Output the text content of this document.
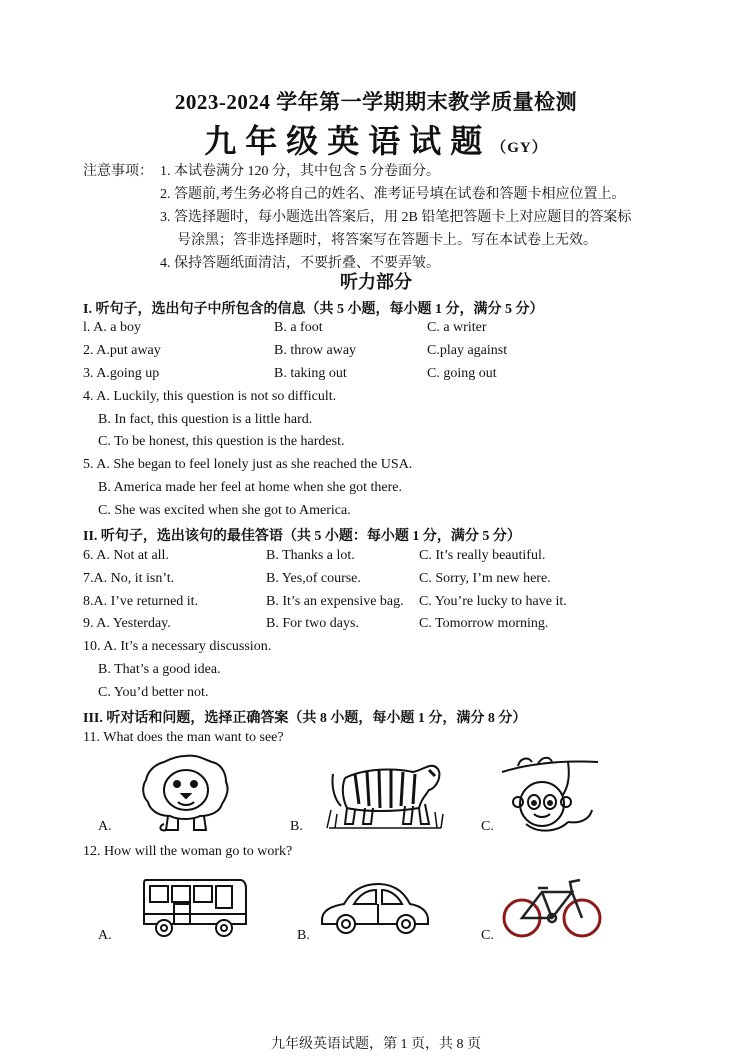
2023-2024 学年第一学期期末教学质量检测
九年级英语试题（GY）
注意事项： 1. 本试卷满分 120 分，其中包含 5 分卷面分。
2. 答题前,考生务必将自己的姓名、准考证号填在试卷和答题卡相应位置上。
3. 答选择题时，每小题选出答案后，用 2B 铅笔把答题卡上对应题目的答案标
号涂黑；答非选择题时，将答案写在答题卡上。写在本试卷上无效。
4. 保持答题纸面清洁，不要折叠、不要弄皱。
听力部分
I. 听句子，选出句子中所包含的信息（共 5 小题，每小题 1 分，满分 5 分）
l. A. a boy	B. a foot	C. a writer
2. A.put away	B. throw away	C.play against
3. A.going up	B. taking out	C. going out
4. A. Luckily, this question is not so difficult.
B. In fact, this question is a little hard.
C. To be honest, this question is the hardest.
5. A. She began to feel lonely just as she reached the USA.
B. America made her feel at home when she got there.
C. She was excited when she got to America.
II. 听句子，选出该句的最佳答语（共 5 小题：每小题 1 分，满分 5 分）
6. A. Not at all.	B. Thanks a lot.	C. It’s really beautiful.
7.A. No, it isn’t.	B. Yes,of course.	C. Sorry, I’m new here.
8.A. I’ve returned it.	B. It’s an expensive bag. C. You’re lucky to have it.
9. A. Yesterday.	B. For two days.	C. Tomorrow morning.
10. A. It’s a necessary discussion.
B. That’s a good idea.
C. You’d better not.
III. 听对话和问题，选择正确答案（共 8 小题，每小题 1 分，满分 8 分）
11. What does the man want to see?
A.	B.	C.
12. How will the woman go to work?
A.	B.	C.
九年级英语试题，第 1 页，共 8 页
